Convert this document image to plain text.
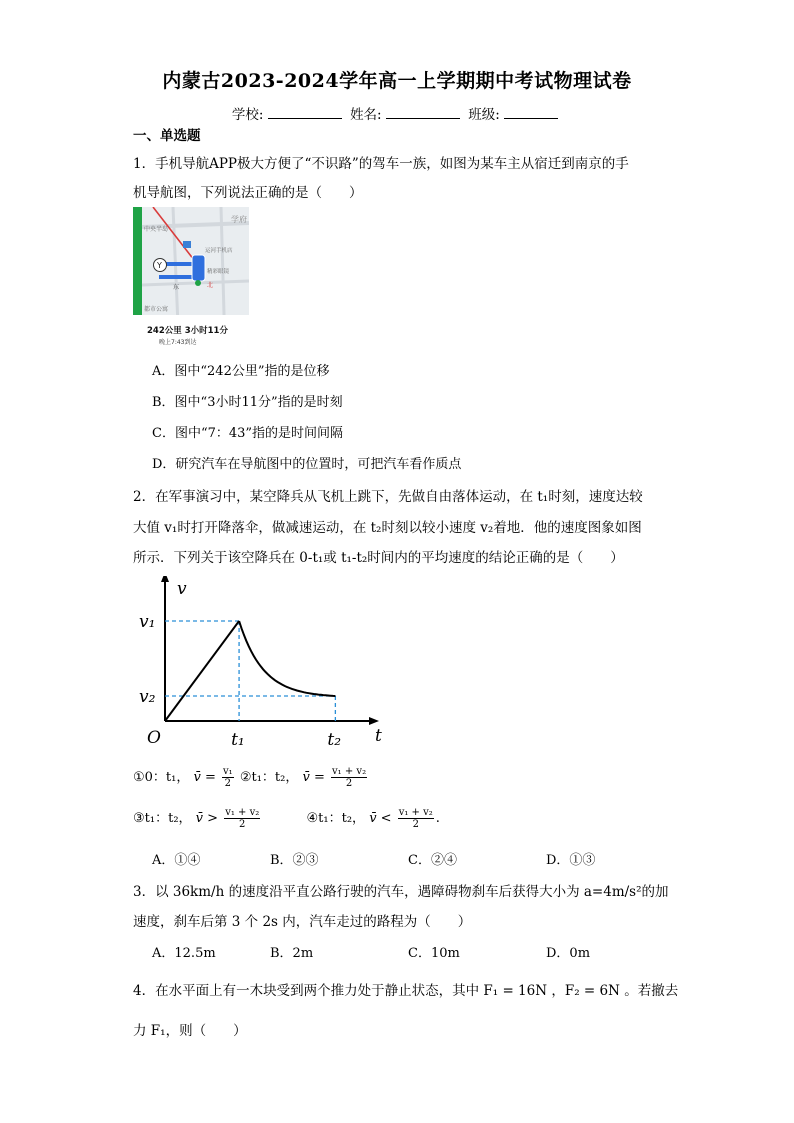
内蒙古2023-2024学年高一上学期期中考试物理试卷
学校:	姓名:	班级:
一、单选题
1．手机导航APP极大方便了“不识路”的驾车一族，如图为某车主从宿迁到南京的手
机导航图，下列说法正确的是（　　）
Y
中央半岛
学府
运河手机店
精彩眼镜
东	北
都市公寓
242公里 3小时11分
晚上7:43到达
A．图中“242公里”指的是位移
B．图中“3小时11分”指的是时刻
C．图中“7：43”指的是时间间隔
D．研究汽车在导航图中的位置时，可把汽车看作质点
2．在军事演习中，某空降兵从飞机上跳下，先做自由落体运动，在 t₁时刻，速度达较
大值 v₁时打开降落伞，做减速运动，在 t₂时刻以较小速度 v₂着地．他的速度图象如图
所示．下列关于该空降兵在 0-t₁或 t₁-t₂时间内的平均速度的结论正确的是（　　）
v
t
O
v₁
v₂
t₁	t₂
①0：t₁， v̄ = $\frac{\text{v₁}}{2}$ ②t₁：t₂， v̄ = $\frac{\text{v₁ + v₂}}{2}$
③t₁：t₂， v̄ > $\frac{\text{v₁ + v₂}}{2}$	④t₁：t₂， v̄ < $\frac{\text{v₁ + v₂}}{2}$ .
A．①④	B．②③	C．②④	D．①③
3．以 36km/h 的速度沿平直公路行驶的汽车，遇障碍物刹车后获得大小为 a=4m/s²的加
速度，刹车后第 3 个 2s 内，汽车走过的路程为（　　）
A．12.5m	B．2m	C．10m	D．0m
4．在水平面上有一木块受到两个推力处于静止状态，其中 F₁ = 16N ，F₂ = 6N 。若撤去
力 F₁，则（　　）
